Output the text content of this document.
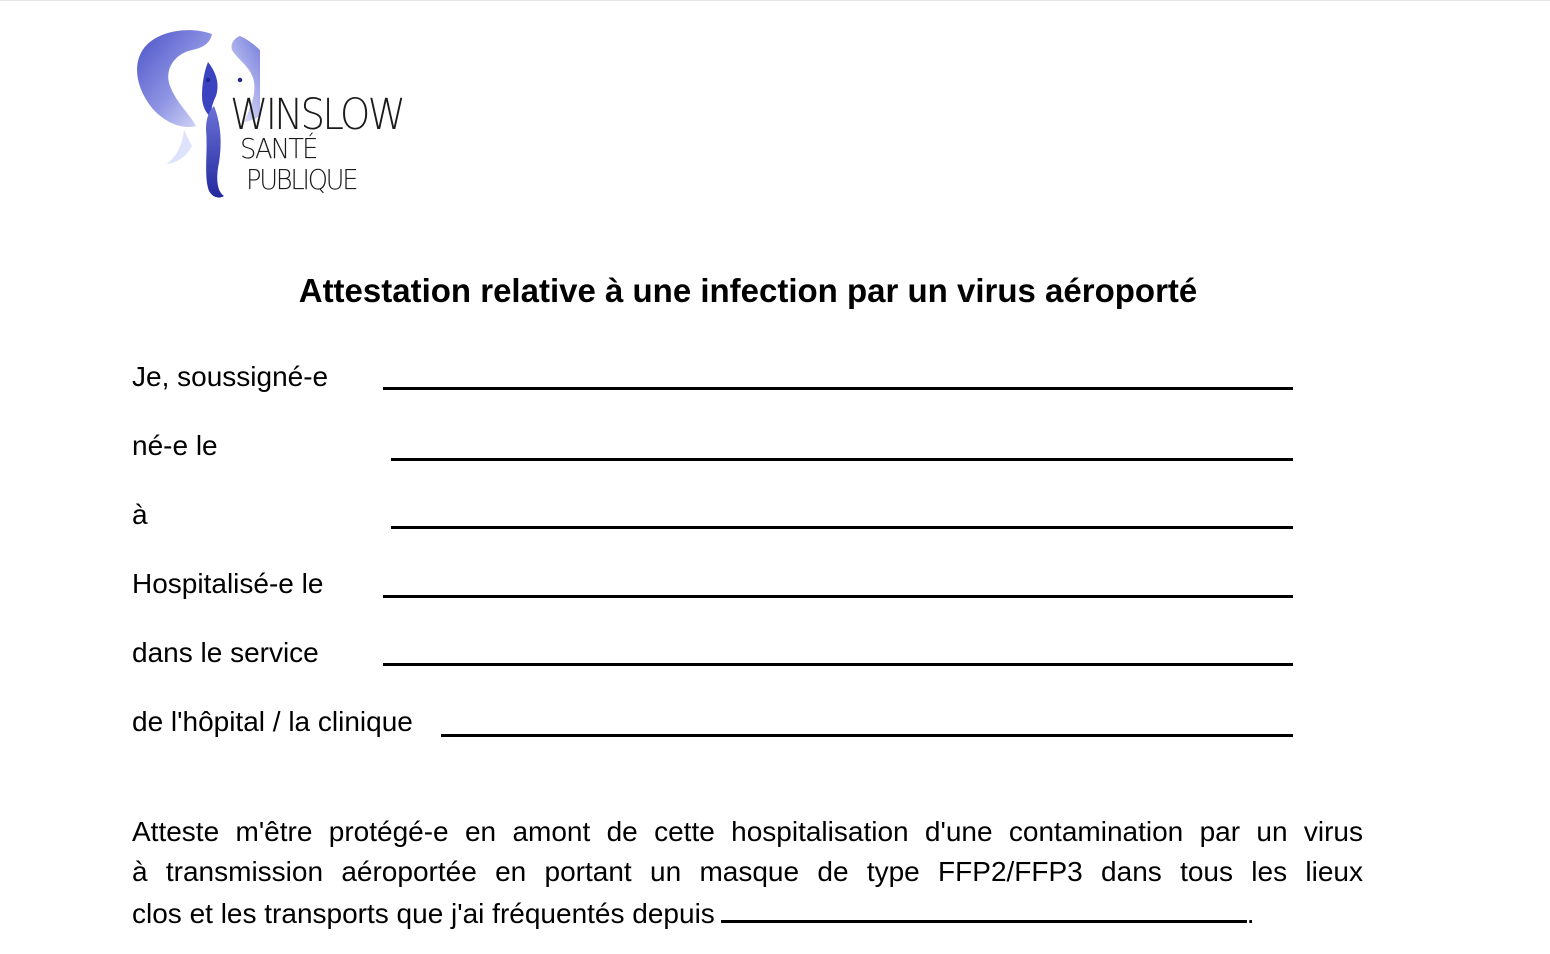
WINSLOW
SANTÉ
PUBLIQUE
Attestation relative à une infection par un virus aéroporté
Je, soussigné-e
né-e le
à
Hospitalisé-e le
dans le service
de l'hôpital / la clinique
Atteste m'être protégé-e en amont de cette hospitalisation d'une contamination par un virus
à transmission aéroportée en portant un masque de type FFP2/FFP3 dans tous les lieux
clos et les transports que j'ai fréquentés depuis	.
